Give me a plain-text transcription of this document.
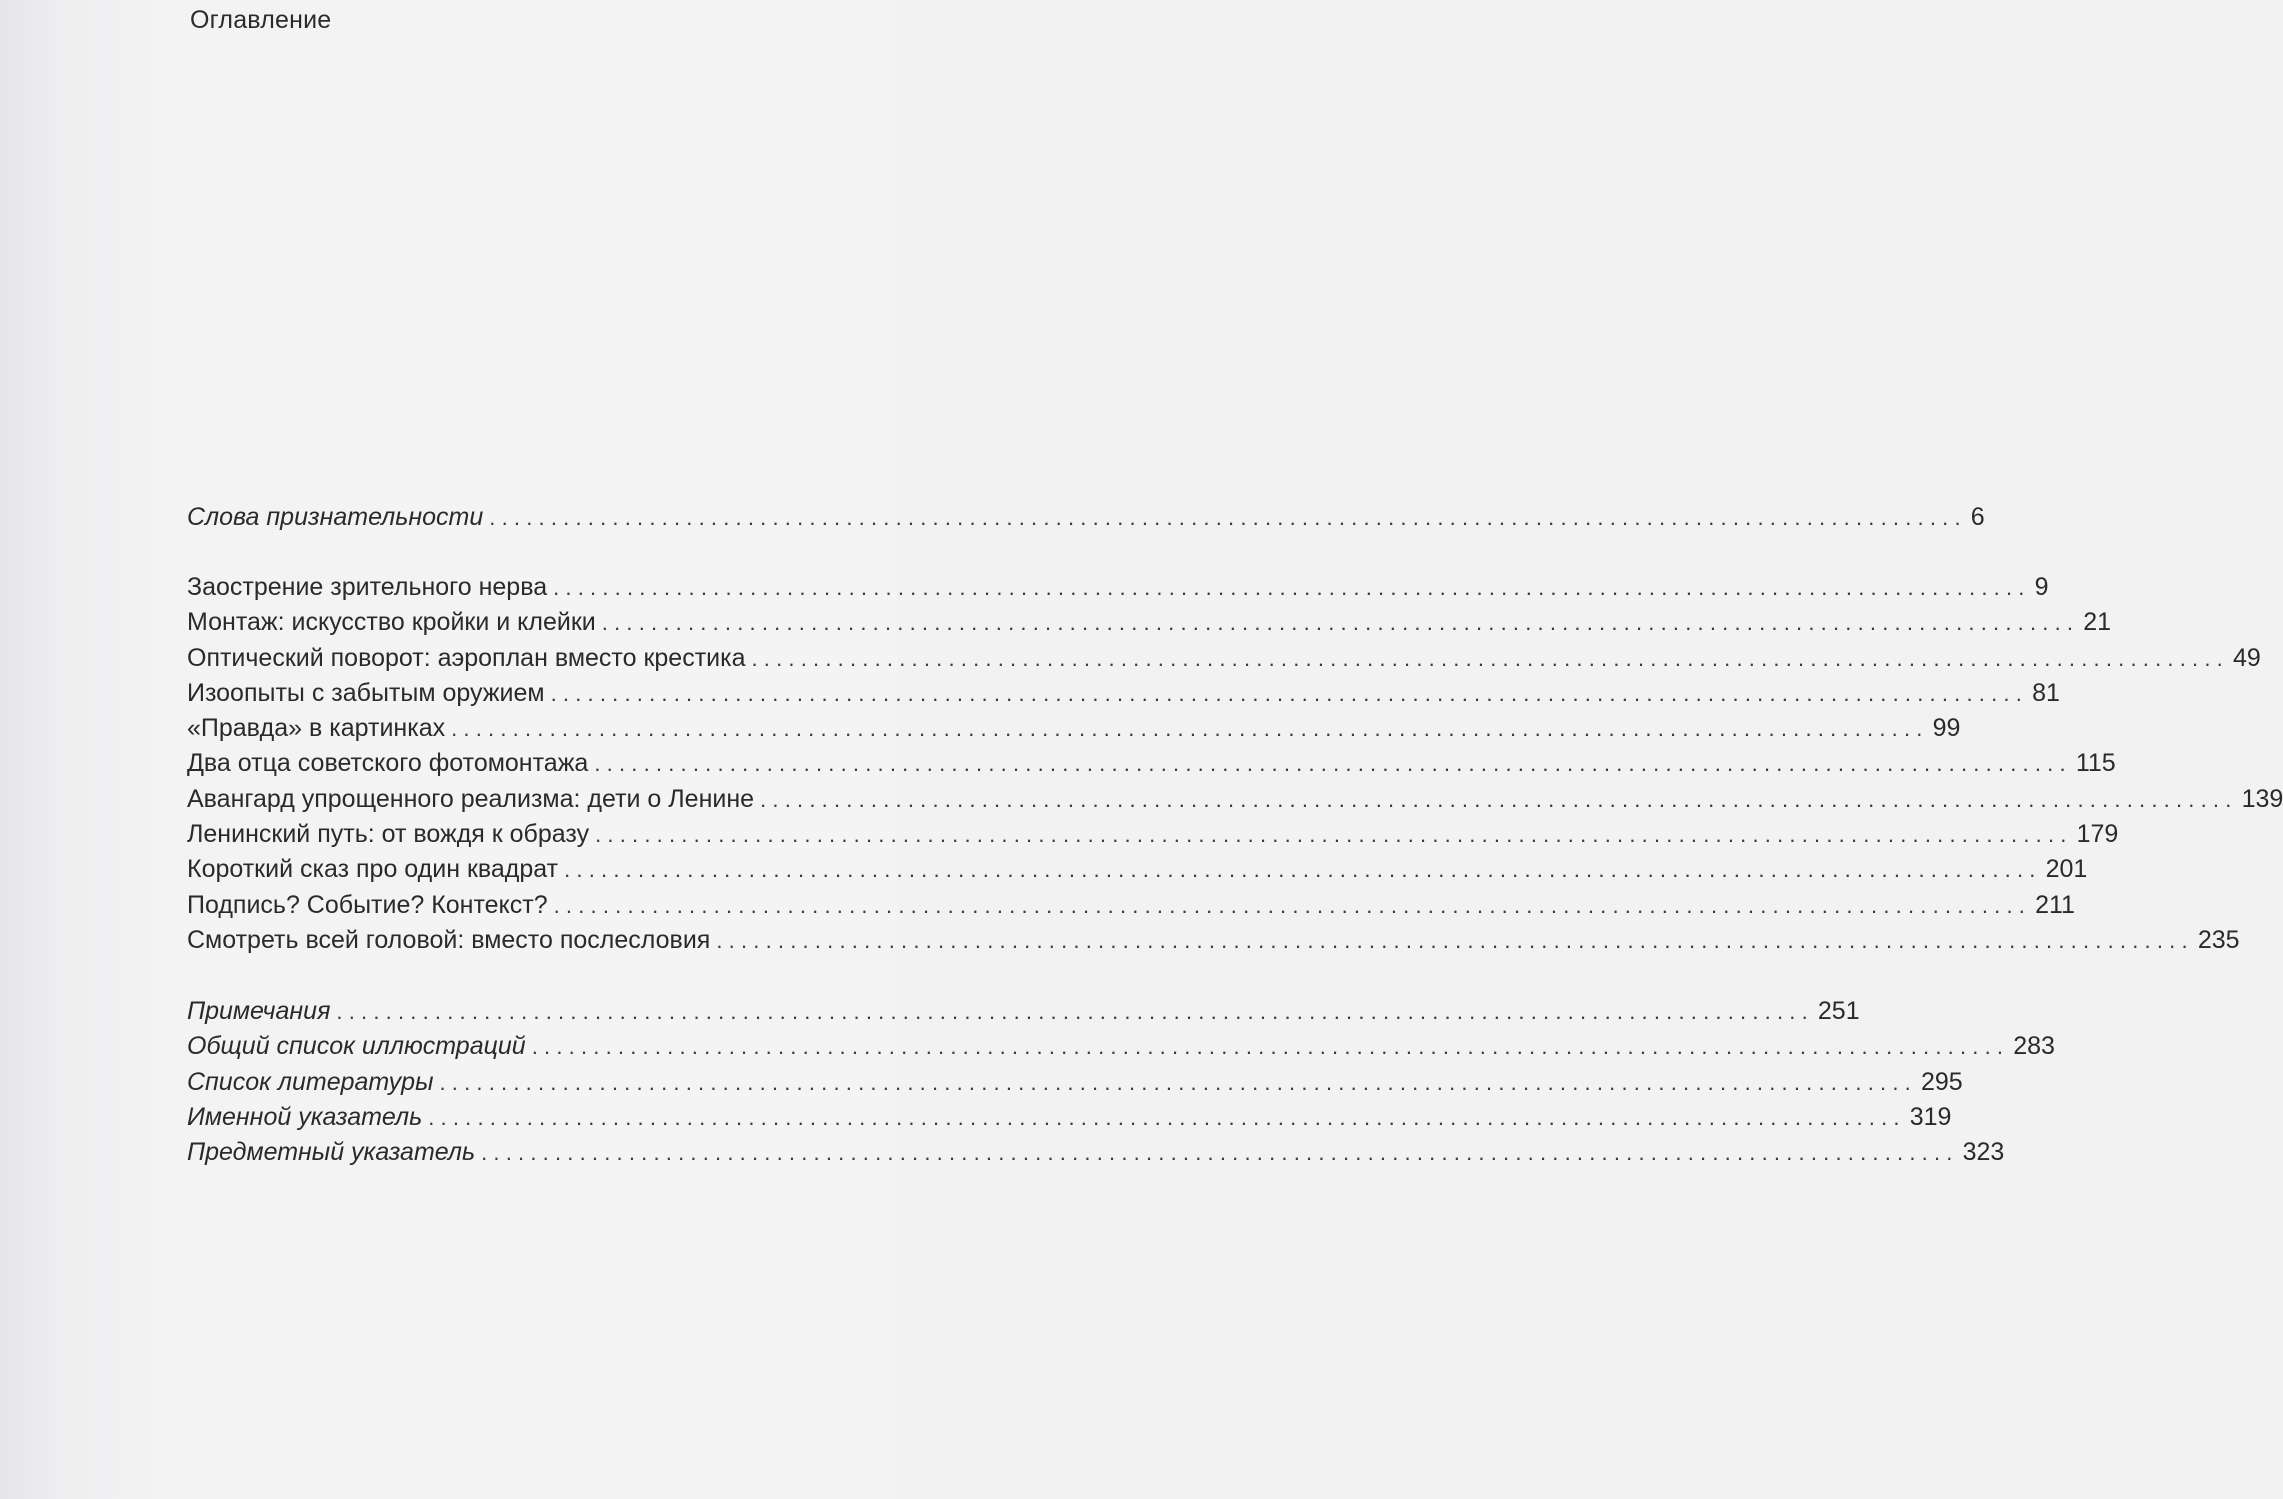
Оглавление
Слова признательности ........................................................................................................................ 6
Заострение зрительного нерва ........................................................................................................................ 9
Монтаж: искусство кройки и клейки ........................................................................................................................ 21
Оптический поворот: аэроплан вместо крестика ........................................................................................................................ 49
Изоопыты с забытым оружием ........................................................................................................................ 81
«Правда» в картинках ........................................................................................................................ 99
Два отца советского фотомонтажа ........................................................................................................................ 115
Авангард упрощенного реализма: дети о Ленине ........................................................................................................................ 139
Ленинский путь: от вождя к образу ........................................................................................................................ 179
Короткий сказ про один квадрат ........................................................................................................................ 201
Подпись? Событие? Контекст? ........................................................................................................................ 211
Смотреть всей головой: вместо послесловия ........................................................................................................................ 235
Примечания ........................................................................................................................ 251
Общий список иллюстраций ........................................................................................................................ 283
Список литературы ........................................................................................................................ 295
Именной указатель ........................................................................................................................ 319
Предметный указатель ........................................................................................................................ 323
